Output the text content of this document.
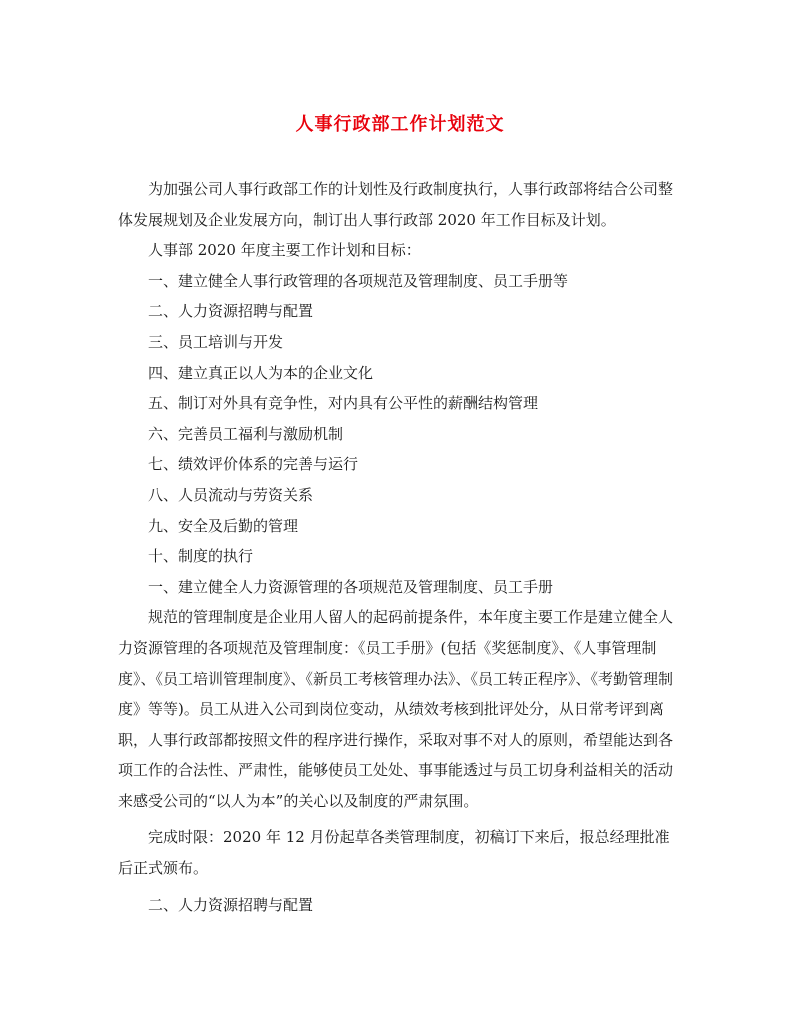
人事行政部工作计划范文

为加强公司人事行政部工作的计划性及行政制度执行，人事行政部将结合公司整体发展规划及企业发展方向，制订出人事行政部 2020 年工作目标及计划。

人事部 2020 年度主要工作计划和目标：

一、建立健全人事行政管理的各项规范及管理制度、员工手册等

二、人力资源招聘与配置

三、员工培训与开发

四、建立真正以人为本的企业文化

五、制订对外具有竞争性，对内具有公平性的薪酬结构管理

六、完善员工福利与激励机制

七、绩效评价体系的完善与运行

八、人员流动与劳资关系

九、安全及后勤的管理

十、制度的执行

一、建立健全人力资源管理的各项规范及管理制度、员工手册

规范的管理制度是企业用人留人的起码前提条件，本年度主要工作是建立健全人力资源管理的各项规范及管理制度：《员工手册》(包括《奖惩制度》、《人事管理制度》、《员工培训管理制度》、《新员工考核管理办法》、《员工转正程序》、《考勤管理制度》等等)。员工从进入公司到岗位变动，从绩效考核到批评处分，从日常考评到离职，人事行政部都按照文件的程序进行操作，采取对事不对人的原则，希望能达到各项工作的合法性、严肃性，能够使员工处处、事事能透过与员工切身利益相关的活动来感受公司的“以人为本”的关心以及制度的严肃氛围。

完成时限：2020 年 12 月份起草各类管理制度，初稿订下来后，报总经理批准后正式颁布。

二、人力资源招聘与配置
